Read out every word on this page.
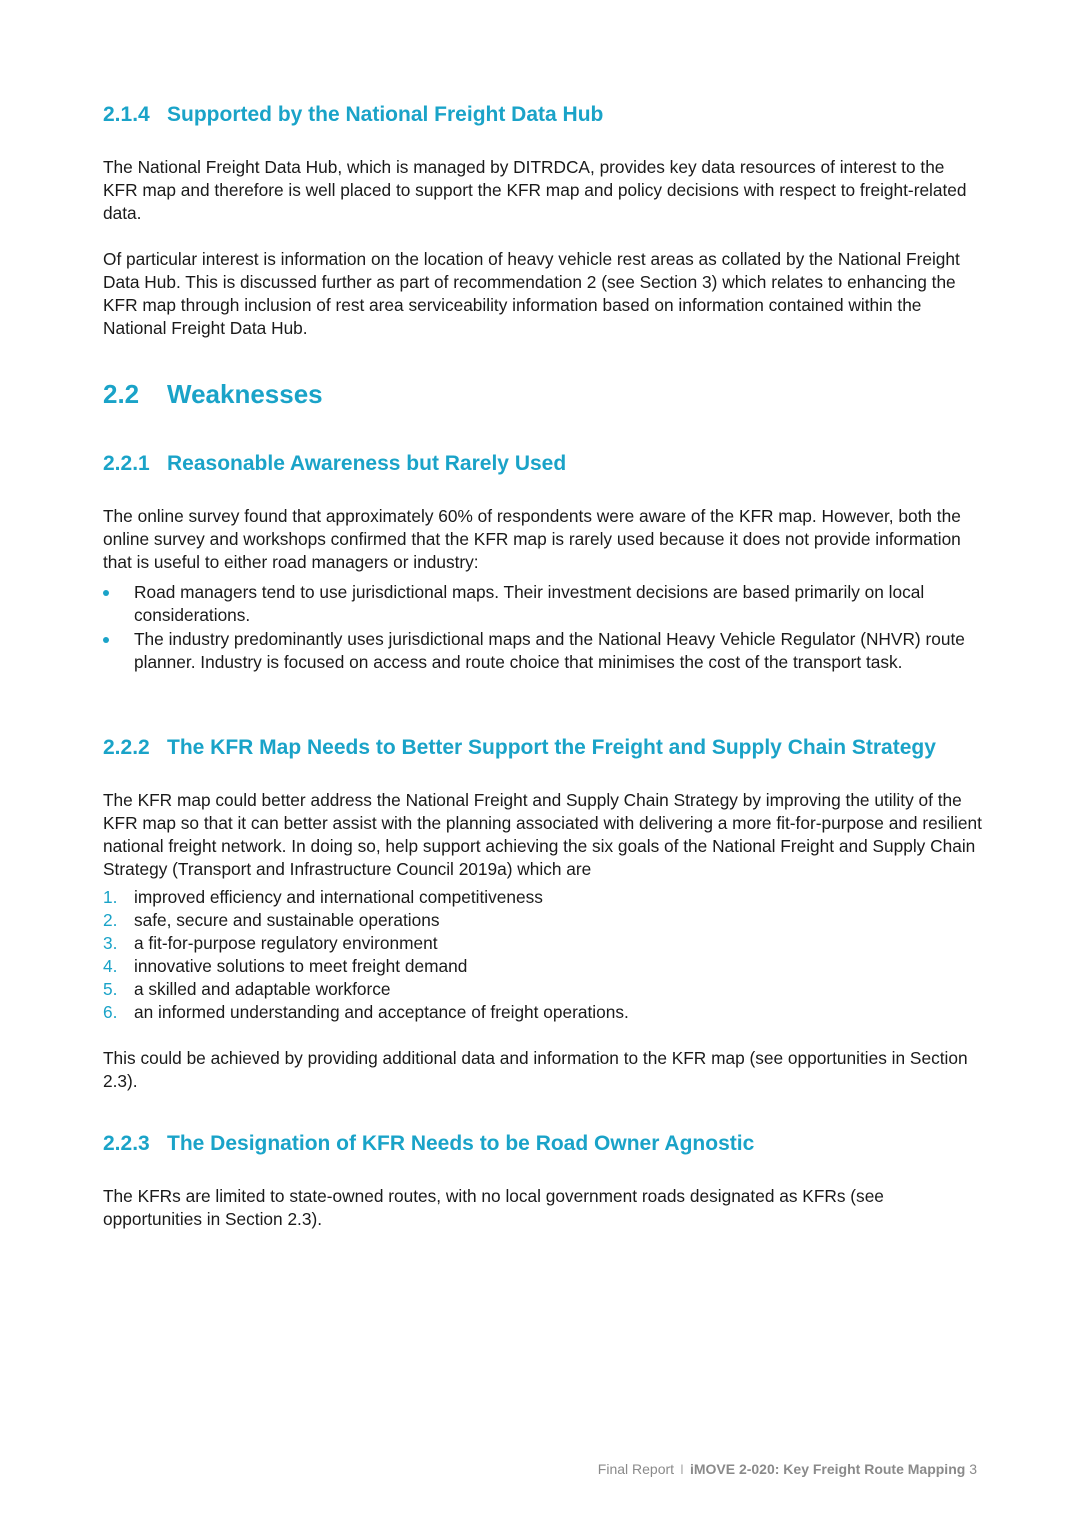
2.1.4 Supported by the National Freight Data Hub

The National Freight Data Hub, which is managed by DITRDCA, provides key data resources of interest to the KFR map and therefore is well placed to support the KFR map and policy decisions with respect to freight-related data.

Of particular interest is information on the location of heavy vehicle rest areas as collated by the National Freight Data Hub. This is discussed further as part of recommendation 2 (see Section 3) which relates to enhancing the KFR map through inclusion of rest area serviceability information based on information contained within the National Freight Data Hub.

2.2 Weaknesses
2.2.1 Reasonable Awareness but Rarely Used

The online survey found that approximately 60% of respondents were aware of the KFR map. However, both the online survey and workshops confirmed that the KFR map is rarely used because it does not provide information that is useful to either road managers or industry:

Road managers tend to use jurisdictional maps. Their investment decisions are based primarily on local considerations.
The industry predominantly uses jurisdictional maps and the National Heavy Vehicle Regulator (NHVR) route planner. Industry is focused on access and route choice that minimises the cost of the transport task.
2.2.2 The KFR Map Needs to Better Support the Freight and Supply Chain Strategy

The KFR map could better address the National Freight and Supply Chain Strategy by improving the utility of the KFR map so that it can better assist with the planning associated with delivering a more fit-for-purpose and resilient national freight network. In doing so, help support achieving the six goals of the National Freight and Supply Chain Strategy (Transport and Infrastructure Council 2019a) which are

1. improved efficiency and international competitiveness
2. safe, secure and sustainable operations
3. a fit-for-purpose regulatory environment
4. innovative solutions to meet freight demand
5. a skilled and adaptable workforce
6. an informed understanding and acceptance of freight operations.

This could be achieved by providing additional data and information to the KFR map (see opportunities in Section 2.3).

2.2.3 The Designation of KFR Needs to be Road Owner Agnostic

The KFRs are limited to state-owned routes, with no local government roads designated as KFRs (see opportunities in Section 2.3).

Final Report I iMOVE 2-020: Key Freight Route Mapping 3
